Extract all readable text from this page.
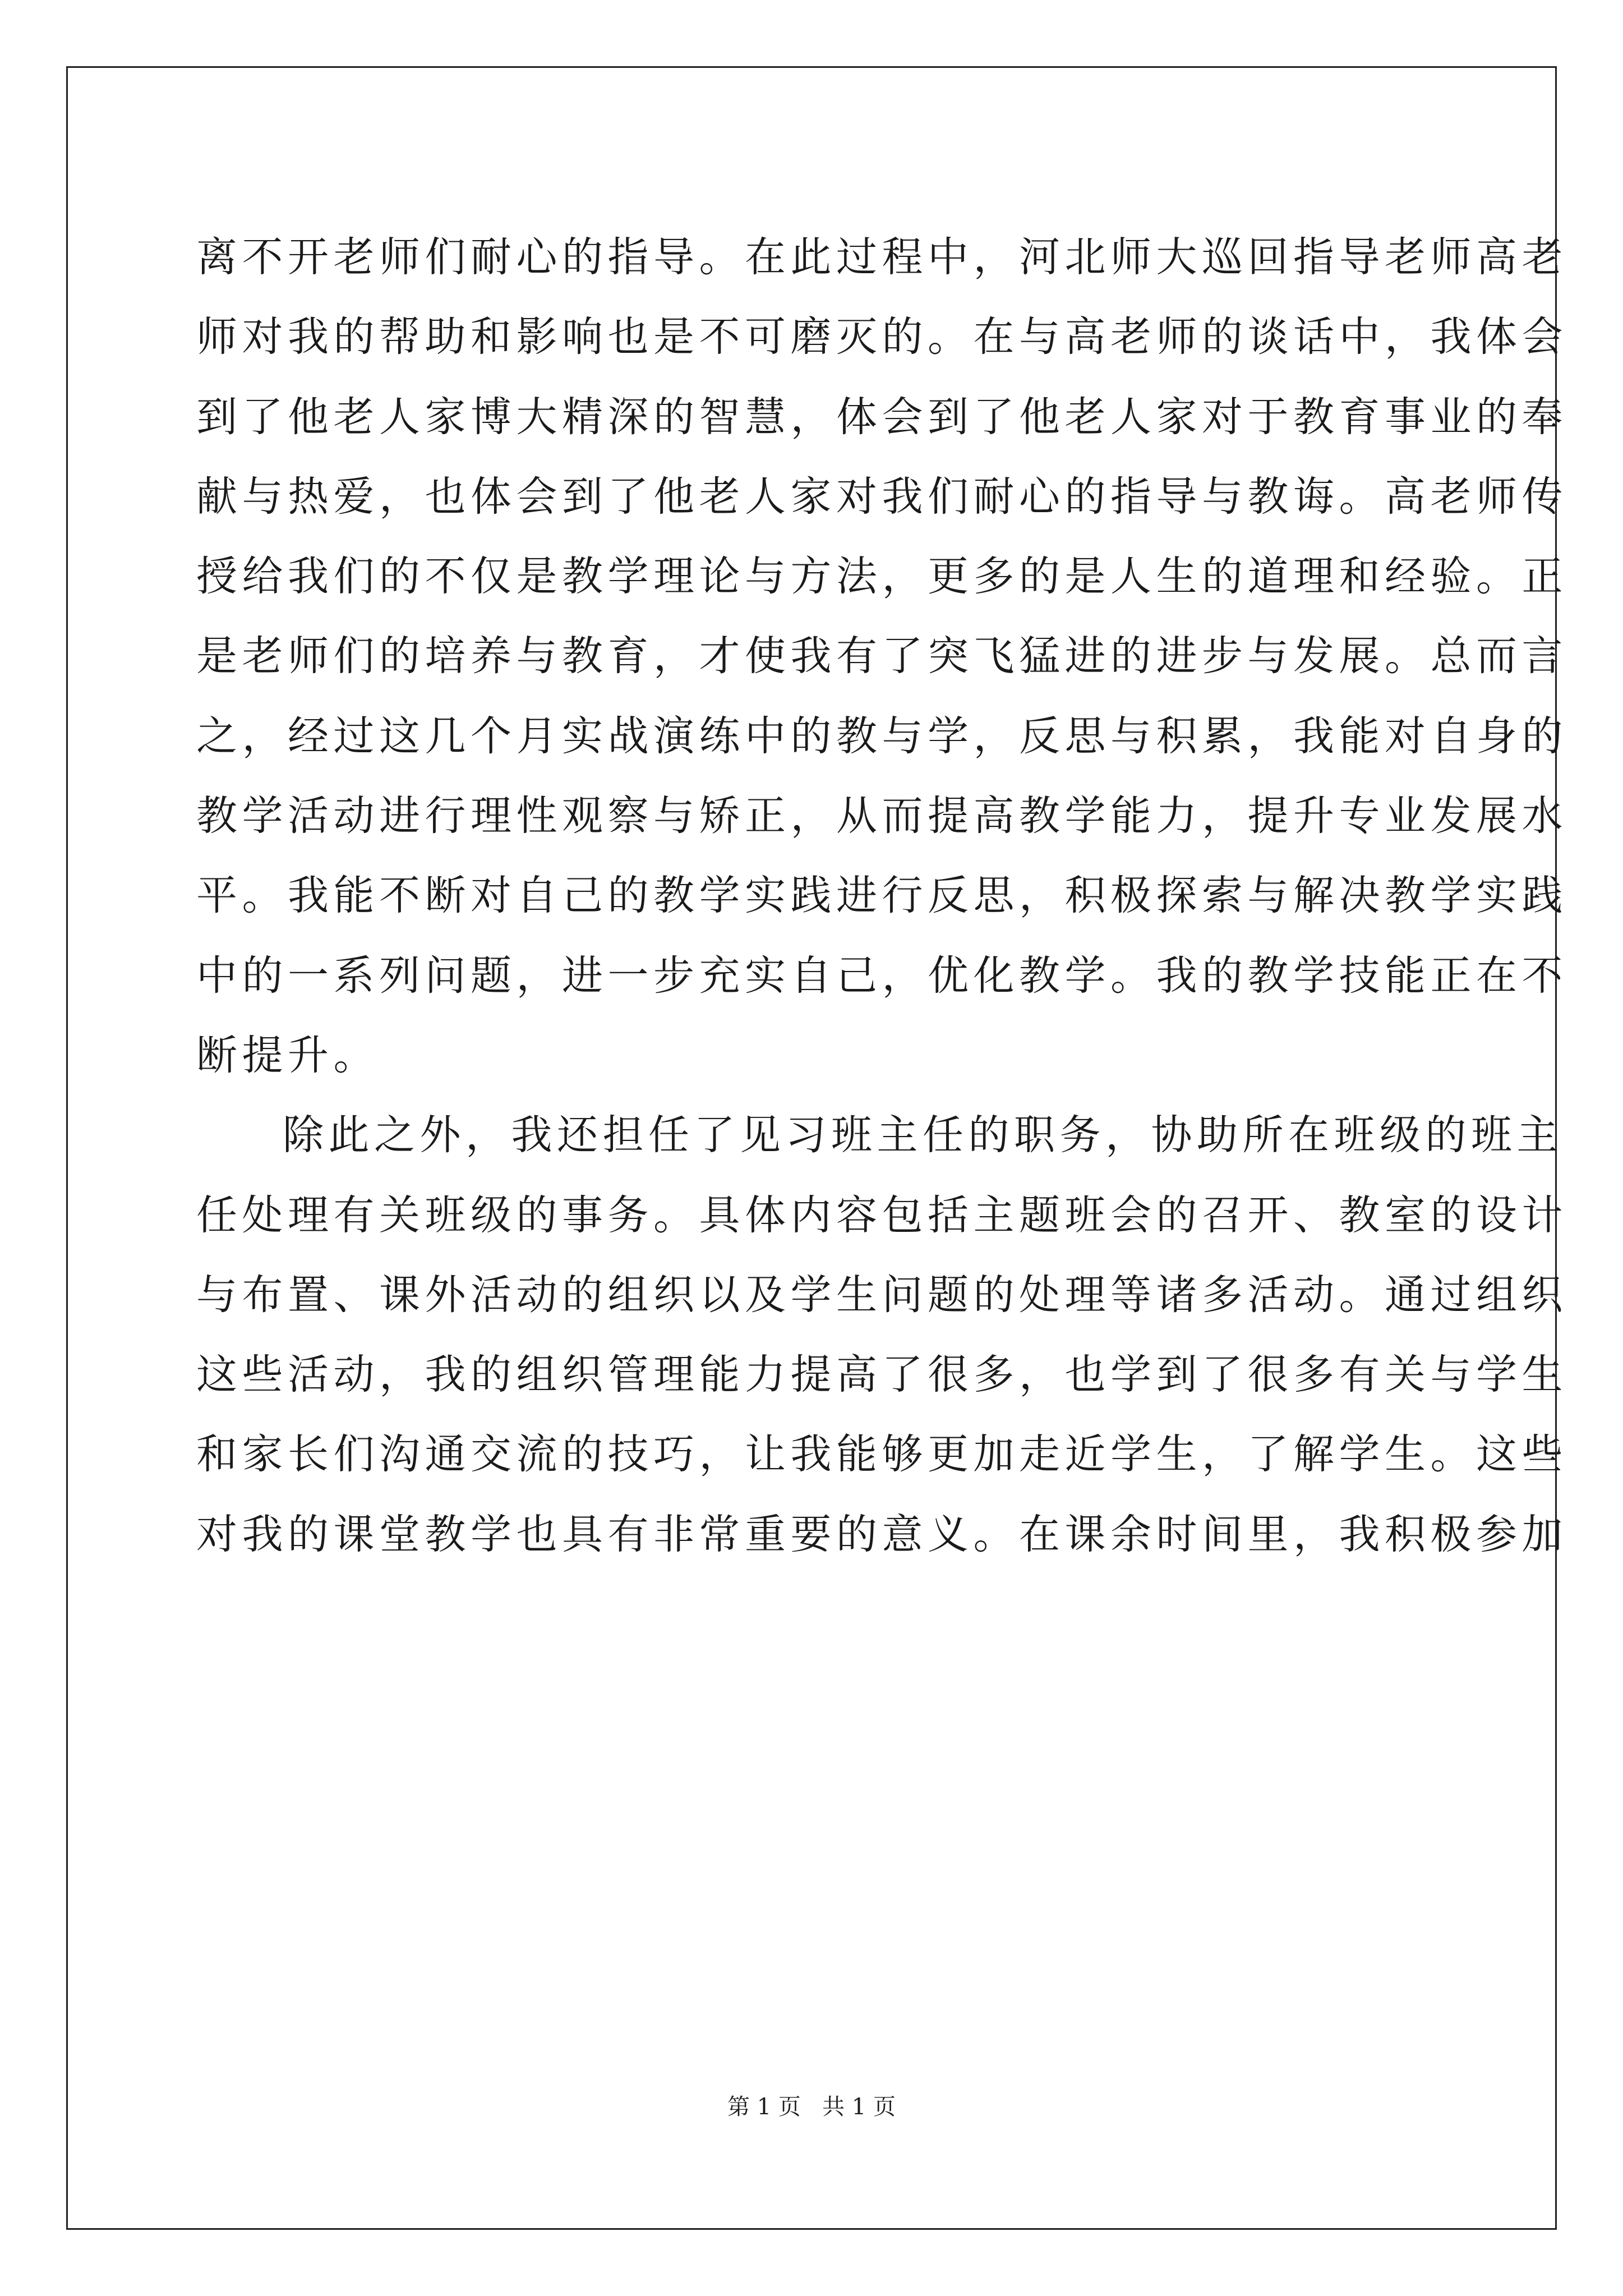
离不开老师们耐心的指导。在此过程中，河北师大巡回指导老师高老
师对我的帮助和影响也是不可磨灭的。在与高老师的谈话中，我体会
到了他老人家博大精深的智慧，体会到了他老人家对于教育事业的奉
献与热爱，也体会到了他老人家对我们耐心的指导与教诲。高老师传
授给我们的不仅是教学理论与方法，更多的是人生的道理和经验。正
是老师们的培养与教育，才使我有了突飞猛进的进步与发展。总而言
之，经过这几个月实战演练中的教与学，反思与积累，我能对自身的
教学活动进行理性观察与矫正，从而提高教学能力，提升专业发展水
平。我能不断对自己的教学实践进行反思，积极探索与解决教学实践
中的一系列问题，进一步充实自己，优化教学。我的教学技能正在不
断提升。
除此之外，我还担任了见习班主任的职务，协助所在班级的班主
任处理有关班级的事务。具体内容包括主题班会的召开、教室的设计
与布置、课外活动的组织以及学生问题的处理等诸多活动。通过组织
这些活动，我的组织管理能力提高了很多，也学到了很多有关与学生
和家长们沟通交流的技巧，让我能够更加走近学生，了解学生。这些
对我的课堂教学也具有非常重要的意义。在课余时间里，我积极参加
第 1 页   共 1 页
